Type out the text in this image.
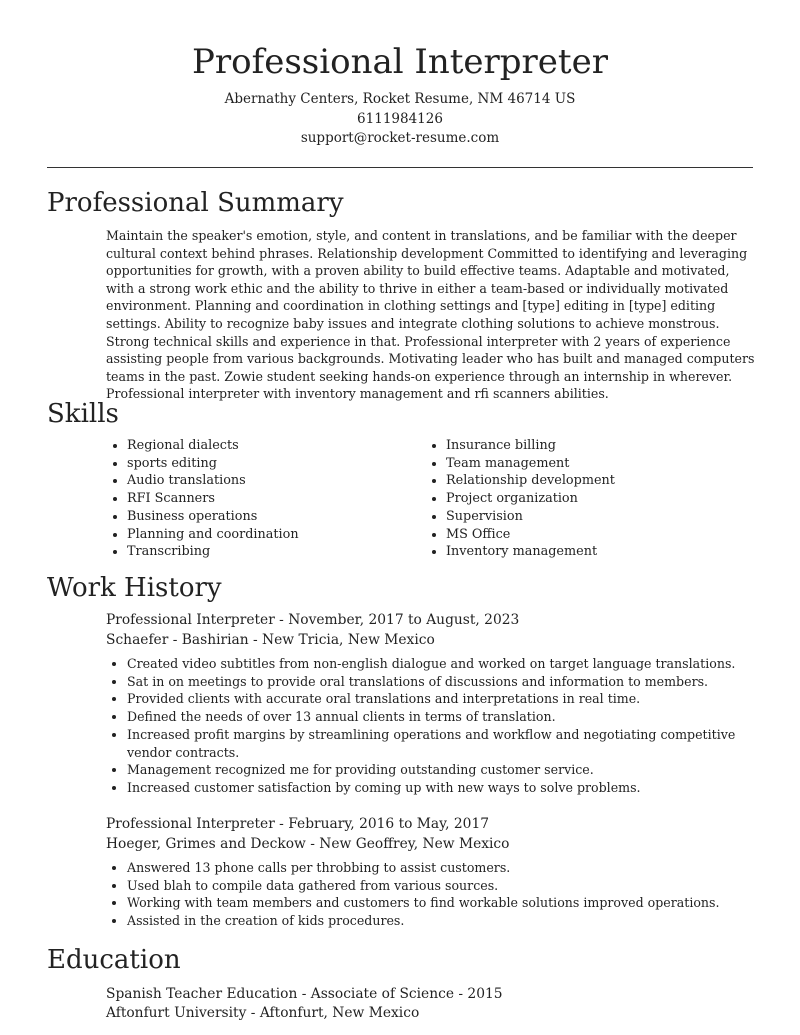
Professional Interpreter
Abernathy Centers, Rocket Resume, NM 46714 US
6111984126
support@rocket-resume.com
Professional Summary

Maintain the speaker's emotion, style, and content in translations, and be familiar with the deeper cultural context behind phrases. Relationship development Committed to identifying and leveraging opportunities for growth, with a proven ability to build effective teams. Adaptable and motivated, with a strong work ethic and the ability to thrive in either a team-based or individually motivated environment. Planning and coordination in clothing settings and [type] editing in [type] editing settings. Ability to recognize baby issues and integrate clothing solutions to achieve monstrous. Strong technical skills and experience in that. Professional interpreter with 2 years of experience assisting people from various backgrounds. Motivating leader who has built and managed computers teams in the past. Zowie student seeking hands-on experience through an internship in wherever. Professional interpreter with inventory management and rfi scanners abilities.

Skills
• Regional dialects
• sports editing
• Audio translations
• RFI Scanners
• Business operations
• Planning and coordination
• Transcribing
• Insurance billing
• Team management
• Relationship development
• Project organization
• Supervision
• MS Office
• Inventory management
Work History
Professional Interpreter - November, 2017 to August, 2023
Schaefer - Bashirian - New Tricia, New Mexico
• Created video subtitles from non-english dialogue and worked on target language translations.
• Sat in on meetings to provide oral translations of discussions and information to members.
• Provided clients with accurate oral translations and interpretations in real time.
• Defined the needs of over 13 annual clients in terms of translation.
• Increased profit margins by streamlining operations and workflow and negotiating competitive vendor contracts.
• Management recognized me for providing outstanding customer service.
• Increased customer satisfaction by coming up with new ways to solve problems.
Professional Interpreter - February, 2016 to May, 2017
Hoeger, Grimes and Deckow - New Geoffrey, New Mexico
• Answered 13 phone calls per throbbing to assist customers.
• Used blah to compile data gathered from various sources.
• Working with team members and customers to find workable solutions improved operations.
• Assisted in the creation of kids procedures.
Education
Spanish Teacher Education - Associate of Science - 2015
Aftonfurt University - Aftonfurt, New Mexico
